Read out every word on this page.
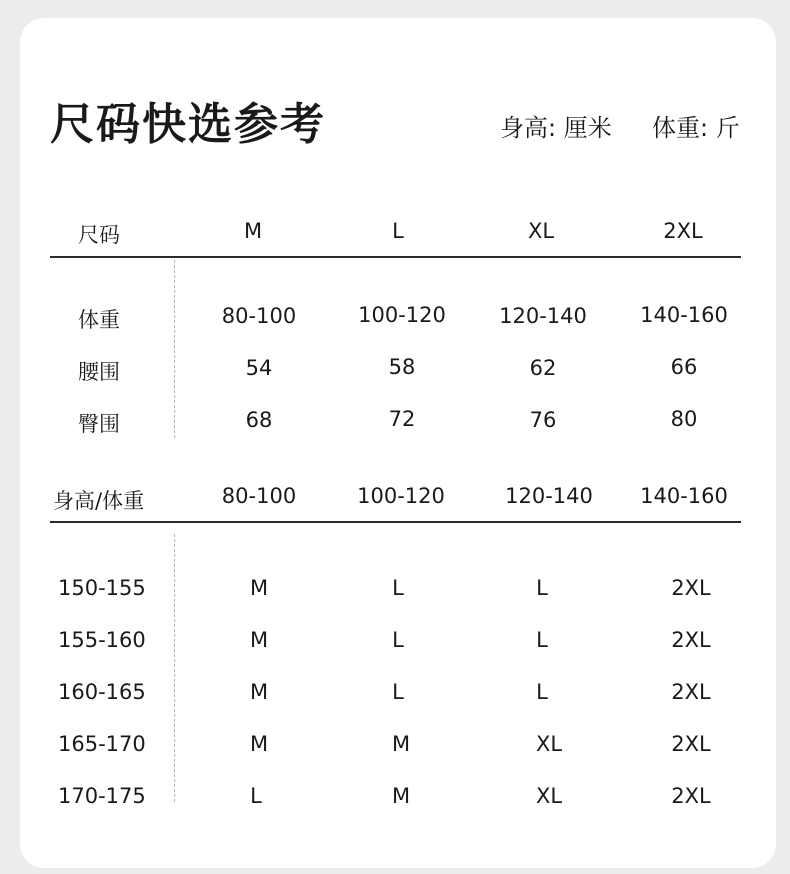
尺码快选参考	身高: 厘米 体重: 斤
尺码	M	L	XL	2XL
体重	80-100	100-120	120-140	140-160
腰围	54	58	62	66
臀围	68	72	76	80
身高/体重	80-100	100-120	120-140 140-160
150-155	M	L	L	2XL
155-160	M	L	L	2XL
160-165	M	L	L	2XL
165-170	M	M	XL	2XL
170-175	L	M	XL	2XL
